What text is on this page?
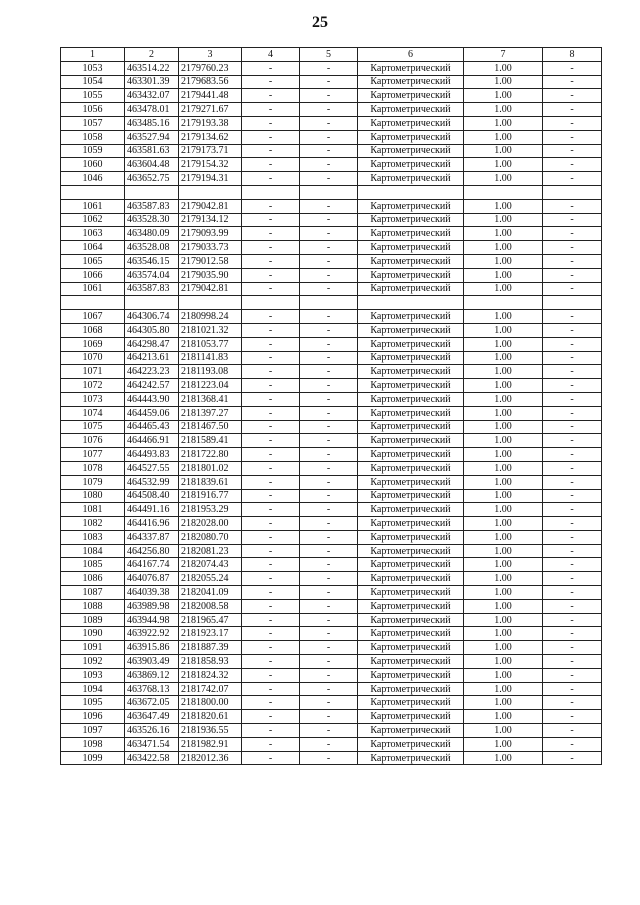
25
1	2	3	4	5	6	7	8
1053	463514.22	2179760.23	-	-	Картометрический	1.00	-
1054	463301.39	2179683.56	-	-	Картометрический	1.00	-
1055	463432.07	2179441.48	-	-	Картометрический	1.00	-
1056	463478.01	2179271.67	-	-	Картометрический	1.00	-
1057	463485.16	2179193.38	-	-	Картометрический	1.00	-
1058	463527.94	2179134.62	-	-	Картометрический	1.00	-
1059	463581.63	2179173.71	-	-	Картометрический	1.00	-
1060	463604.48	2179154.32	-	-	Картометрический	1.00	-
1046	463652.75	2179194.31	-	-	Картометрический	1.00	-

1061	463587.83	2179042.81	-	-	Картометрический	1.00	-
1062	463528.30	2179134.12	-	-	Картометрический	1.00	-
1063	463480.09	2179093.99	-	-	Картометрический	1.00	-
1064	463528.08	2179033.73	-	-	Картометрический	1.00	-
1065	463546.15	2179012.58	-	-	Картометрический	1.00	-
1066	463574.04	2179035.90	-	-	Картометрический	1.00	-
1061	463587.83	2179042.81	-	-	Картометрический	1.00	-

1067	464306.74	2180998.24	-	-	Картометрический	1.00	-
1068	464305.80	2181021.32	-	-	Картометрический	1.00	-
1069	464298.47	2181053.77	-	-	Картометрический	1.00	-
1070	464213.61	2181141.83	-	-	Картометрический	1.00	-
1071	464223.23	2181193.08	-	-	Картометрический	1.00	-
1072	464242.57	2181223.04	-	-	Картометрический	1.00	-
1073	464443.90	2181368.41	-	-	Картометрический	1.00	-
1074	464459.06	2181397.27	-	-	Картометрический	1.00	-
1075	464465.43	2181467.50	-	-	Картометрический	1.00	-
1076	464466.91	2181589.41	-	-	Картометрический	1.00	-
1077	464493.83	2181722.80	-	-	Картометрический	1.00	-
1078	464527.55	2181801.02	-	-	Картометрический	1.00	-
1079	464532.99	2181839.61	-	-	Картометрический	1.00	-
1080	464508.40	2181916.77	-	-	Картометрический	1.00	-
1081	464491.16	2181953.29	-	-	Картометрический	1.00	-
1082	464416.96	2182028.00	-	-	Картометрический	1.00	-
1083	464337.87	2182080.70	-	-	Картометрический	1.00	-
1084	464256.80	2182081.23	-	-	Картометрический	1.00	-
1085	464167.74	2182074.43	-	-	Картометрический	1.00	-
1086	464076.87	2182055.24	-	-	Картометрический	1.00	-
1087	464039.38	2182041.09	-	-	Картометрический	1.00	-
1088	463989.98	2182008.58	-	-	Картометрический	1.00	-
1089	463944.98	2181965.47	-	-	Картометрический	1.00	-
1090	463922.92	2181923.17	-	-	Картометрический	1.00	-
1091	463915.86	2181887.39	-	-	Картометрический	1.00	-
1092	463903.49	2181858.93	-	-	Картометрический	1.00	-
1093	463869.12	2181824.32	-	-	Картометрический	1.00	-
1094	463768.13	2181742.07	-	-	Картометрический	1.00	-
1095	463672.05	2181800.00	-	-	Картометрический	1.00	-
1096	463647.49	2181820.61	-	-	Картометрический	1.00	-
1097	463526.16	2181936.55	-	-	Картометрический	1.00	-
1098	463471.54	2181982.91	-	-	Картометрический	1.00	-
1099	463422.58	2182012.36	-	-	Картометрический	1.00	-
